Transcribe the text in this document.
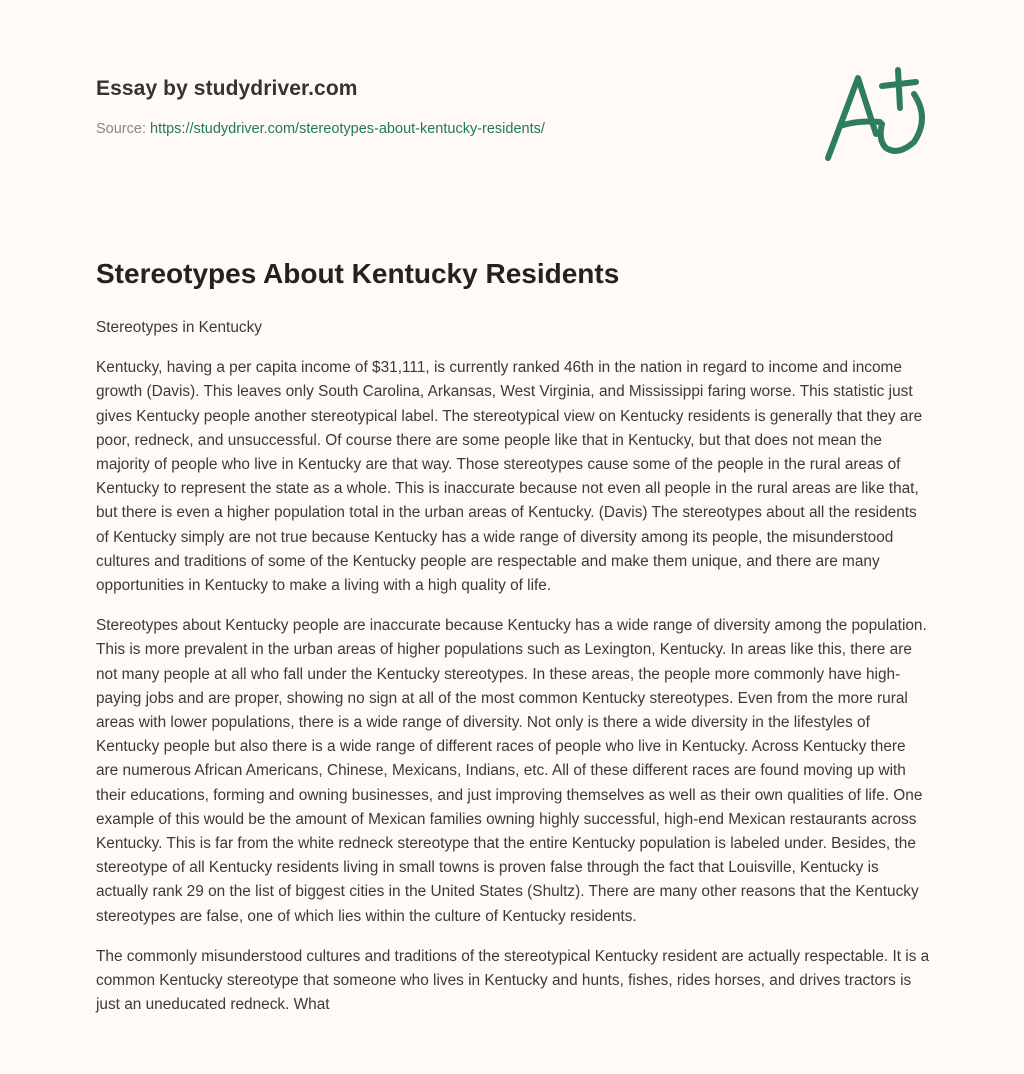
Essay by studydriver.com
Source: https://studydriver.com/stereotypes-about-kentucky-residents/
Stereotypes About Kentucky Residents

Stereotypes in Kentucky

Kentucky, having a per capita income of $31,111, is currently ranked 46th in the nation in regard to income and income growth (Davis). This leaves only South Carolina, Arkansas, West Virginia, and Mississippi faring worse. This statistic just gives Kentucky people another stereotypical label. The stereotypical view on Kentucky residents is generally that they are poor, redneck, and unsuccessful. Of course there are some people like that in Kentucky, but that does not mean the majority of people who live in Kentucky are that way. Those stereotypes cause some of the people in the rural areas of Kentucky to represent the state as a whole. This is inaccurate because not even all people in the rural areas are like that, but there is even a higher population total in the urban areas of Kentucky. (Davis) The stereotypes about all the residents of Kentucky simply are not true because Kentucky has a wide range of diversity among its people, the misunderstood cultures and traditions of some of the Kentucky people are respectable and make them unique, and there are many opportunities in Kentucky to make a living with a high quality of life.

Stereotypes about Kentucky people are inaccurate because Kentucky has a wide range of diversity among the population. This is more prevalent in the urban areas of higher populations such as Lexington, Kentucky. In areas like this, there are not many people at all who fall under the Kentucky stereotypes. In these areas, the people more commonly have high-paying jobs and are proper, showing no sign at all of the most common Kentucky stereotypes. Even from the more rural areas with lower populations, there is a wide range of diversity. Not only is there a wide diversity in the lifestyles of Kentucky people but also there is a wide range of different races of people who live in Kentucky. Across Kentucky there are numerous African Americans, Chinese, Mexicans, Indians, etc. All of these different races are found moving up with their educations, forming and owning businesses, and just improving themselves as well as their own qualities of life. One example of this would be the amount of Mexican families owning highly successful, high-end Mexican restaurants across Kentucky. This is far from the white redneck stereotype that the entire Kentucky population is labeled under. Besides, the stereotype of all Kentucky residents living in small towns is proven false through the fact that Louisville, Kentucky is actually rank 29 on the list of biggest cities in the United States (Shultz). There are many other reasons that the Kentucky stereotypes are false, one of which lies within the culture of Kentucky residents.

The commonly misunderstood cultures and traditions of the stereotypical Kentucky resident are actually respectable. It is a common Kentucky stereotype that someone who lives in Kentucky and hunts, fishes, rides horses, and drives tractors is just an uneducated redneck. What
